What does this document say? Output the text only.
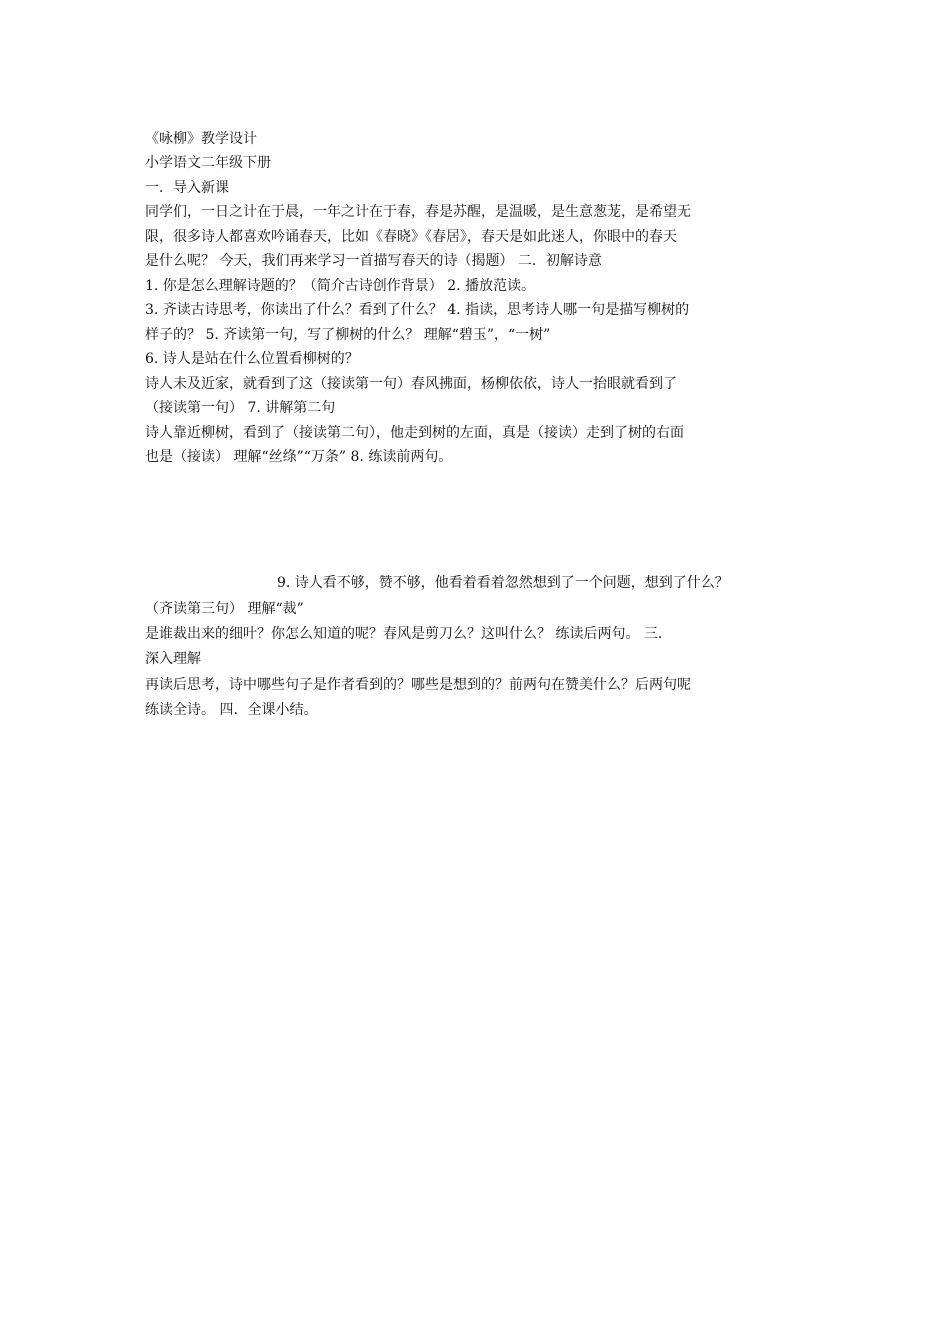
《咏柳》教学设计
小学语文二年级下册
一．导入新课
同学们，一日之计在于晨，一年之计在于春，春是苏醒，是温暖，是生意葱茏，是希望无
限，很多诗人都喜欢吟诵春天，比如《春晓》《春居》，春天是如此迷人，你眼中的春天
是什么呢？ 今天，我们再来学习一首描写春天的诗（揭题） 二．初解诗意
1. 你是怎么理解诗题的？（简介古诗创作背景） 2. 播放范读。
3. 齐读古诗思考，你读出了什么？看到了什么？ 4. 指读，思考诗人哪一句是描写柳树的
样子的？ 5. 齐读第一句，写了柳树的什么？ 理解“碧玉”，“一树”
6. 诗人是站在什么位置看柳树的？
诗人未及近家，就看到了这（接读第一句）春风拂面，杨柳依依，诗人一抬眼就看到了
（接读第一句） 7. 讲解第二句
诗人靠近柳树，看到了（接读第二句），他走到树的左面，真是（接读）走到了树的右面
也是（接读） 理解“丝绦”“万条” 8. 练读前两句。
9. 诗人看不够，赞不够，他看着看着忽然想到了一个问题，想到了什么？
（齐读第三句） 理解“裁”
是谁裁出来的细叶？你怎么知道的呢？春风是剪刀么？这叫什么？ 练读后两句。 三．
深入理解
再读后思考，诗中哪些句子是作者看到的？哪些是想到的？前两句在赞美什么？后两句呢
练读全诗。 四．全课小结。
